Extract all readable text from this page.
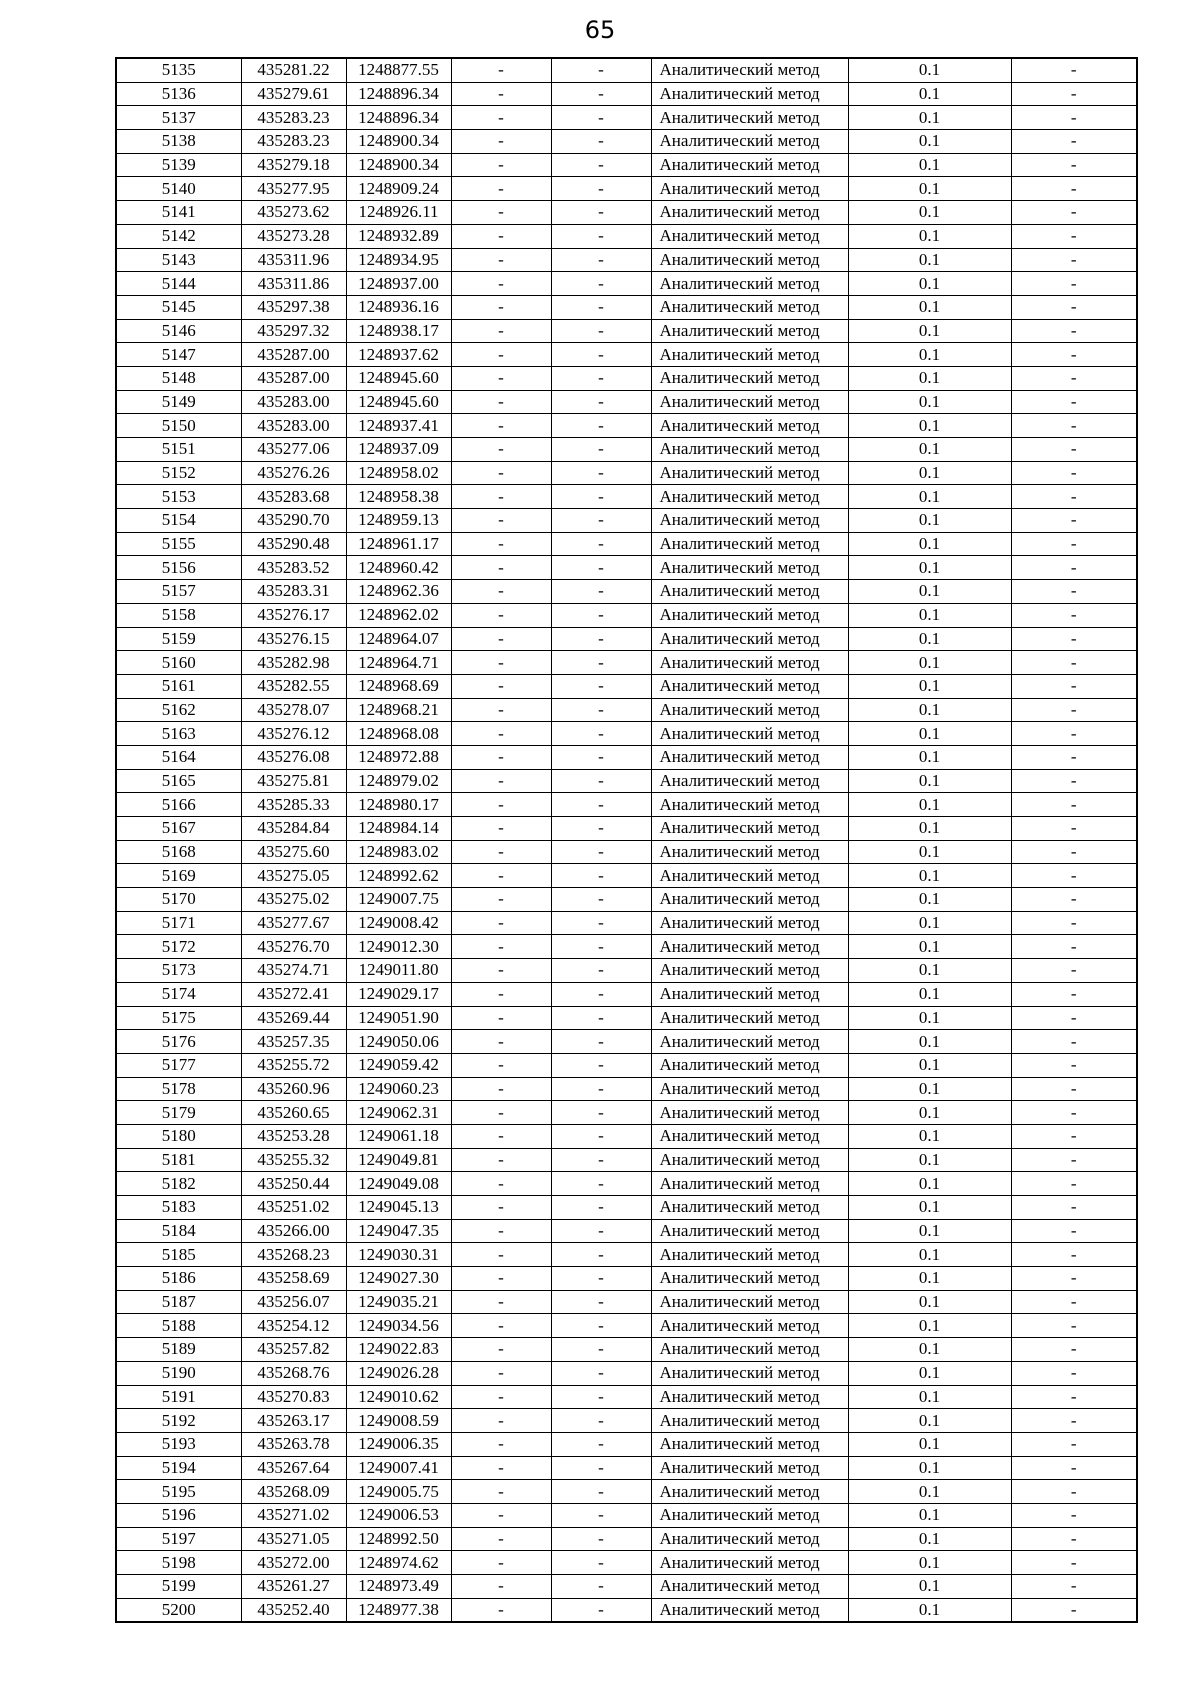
65
5135	435281.22	1248877.55	-	-	Аналитический метод	0.1	-
5136	435279.61	1248896.34	-	-	Аналитический метод	0.1	-
5137	435283.23	1248896.34	-	-	Аналитический метод	0.1	-
5138	435283.23	1248900.34	-	-	Аналитический метод	0.1	-
5139	435279.18	1248900.34	-	-	Аналитический метод	0.1	-
5140	435277.95	1248909.24	-	-	Аналитический метод	0.1	-
5141	435273.62	1248926.11	-	-	Аналитический метод	0.1	-
5142	435273.28	1248932.89	-	-	Аналитический метод	0.1	-
5143	435311.96	1248934.95	-	-	Аналитический метод	0.1	-
5144	435311.86	1248937.00	-	-	Аналитический метод	0.1	-
5145	435297.38	1248936.16	-	-	Аналитический метод	0.1	-
5146	435297.32	1248938.17	-	-	Аналитический метод	0.1	-
5147	435287.00	1248937.62	-	-	Аналитический метод	0.1	-
5148	435287.00	1248945.60	-	-	Аналитический метод	0.1	-
5149	435283.00	1248945.60	-	-	Аналитический метод	0.1	-
5150	435283.00	1248937.41	-	-	Аналитический метод	0.1	-
5151	435277.06	1248937.09	-	-	Аналитический метод	0.1	-
5152	435276.26	1248958.02	-	-	Аналитический метод	0.1	-
5153	435283.68	1248958.38	-	-	Аналитический метод	0.1	-
5154	435290.70	1248959.13	-	-	Аналитический метод	0.1	-
5155	435290.48	1248961.17	-	-	Аналитический метод	0.1	-
5156	435283.52	1248960.42	-	-	Аналитический метод	0.1	-
5157	435283.31	1248962.36	-	-	Аналитический метод	0.1	-
5158	435276.17	1248962.02	-	-	Аналитический метод	0.1	-
5159	435276.15	1248964.07	-	-	Аналитический метод	0.1	-
5160	435282.98	1248964.71	-	-	Аналитический метод	0.1	-
5161	435282.55	1248968.69	-	-	Аналитический метод	0.1	-
5162	435278.07	1248968.21	-	-	Аналитический метод	0.1	-
5163	435276.12	1248968.08	-	-	Аналитический метод	0.1	-
5164	435276.08	1248972.88	-	-	Аналитический метод	0.1	-
5165	435275.81	1248979.02	-	-	Аналитический метод	0.1	-
5166	435285.33	1248980.17	-	-	Аналитический метод	0.1	-
5167	435284.84	1248984.14	-	-	Аналитический метод	0.1	-
5168	435275.60	1248983.02	-	-	Аналитический метод	0.1	-
5169	435275.05	1248992.62	-	-	Аналитический метод	0.1	-
5170	435275.02	1249007.75	-	-	Аналитический метод	0.1	-
5171	435277.67	1249008.42	-	-	Аналитический метод	0.1	-
5172	435276.70	1249012.30	-	-	Аналитический метод	0.1	-
5173	435274.71	1249011.80	-	-	Аналитический метод	0.1	-
5174	435272.41	1249029.17	-	-	Аналитический метод	0.1	-
5175	435269.44	1249051.90	-	-	Аналитический метод	0.1	-
5176	435257.35	1249050.06	-	-	Аналитический метод	0.1	-
5177	435255.72	1249059.42	-	-	Аналитический метод	0.1	-
5178	435260.96	1249060.23	-	-	Аналитический метод	0.1	-
5179	435260.65	1249062.31	-	-	Аналитический метод	0.1	-
5180	435253.28	1249061.18	-	-	Аналитический метод	0.1	-
5181	435255.32	1249049.81	-	-	Аналитический метод	0.1	-
5182	435250.44	1249049.08	-	-	Аналитический метод	0.1	-
5183	435251.02	1249045.13	-	-	Аналитический метод	0.1	-
5184	435266.00	1249047.35	-	-	Аналитический метод	0.1	-
5185	435268.23	1249030.31	-	-	Аналитический метод	0.1	-
5186	435258.69	1249027.30	-	-	Аналитический метод	0.1	-
5187	435256.07	1249035.21	-	-	Аналитический метод	0.1	-
5188	435254.12	1249034.56	-	-	Аналитический метод	0.1	-
5189	435257.82	1249022.83	-	-	Аналитический метод	0.1	-
5190	435268.76	1249026.28	-	-	Аналитический метод	0.1	-
5191	435270.83	1249010.62	-	-	Аналитический метод	0.1	-
5192	435263.17	1249008.59	-	-	Аналитический метод	0.1	-
5193	435263.78	1249006.35	-	-	Аналитический метод	0.1	-
5194	435267.64	1249007.41	-	-	Аналитический метод	0.1	-
5195	435268.09	1249005.75	-	-	Аналитический метод	0.1	-
5196	435271.02	1249006.53	-	-	Аналитический метод	0.1	-
5197	435271.05	1248992.50	-	-	Аналитический метод	0.1	-
5198	435272.00	1248974.62	-	-	Аналитический метод	0.1	-
5199	435261.27	1248973.49	-	-	Аналитический метод	0.1	-
5200	435252.40	1248977.38	-	-	Аналитический метод	0.1	-
